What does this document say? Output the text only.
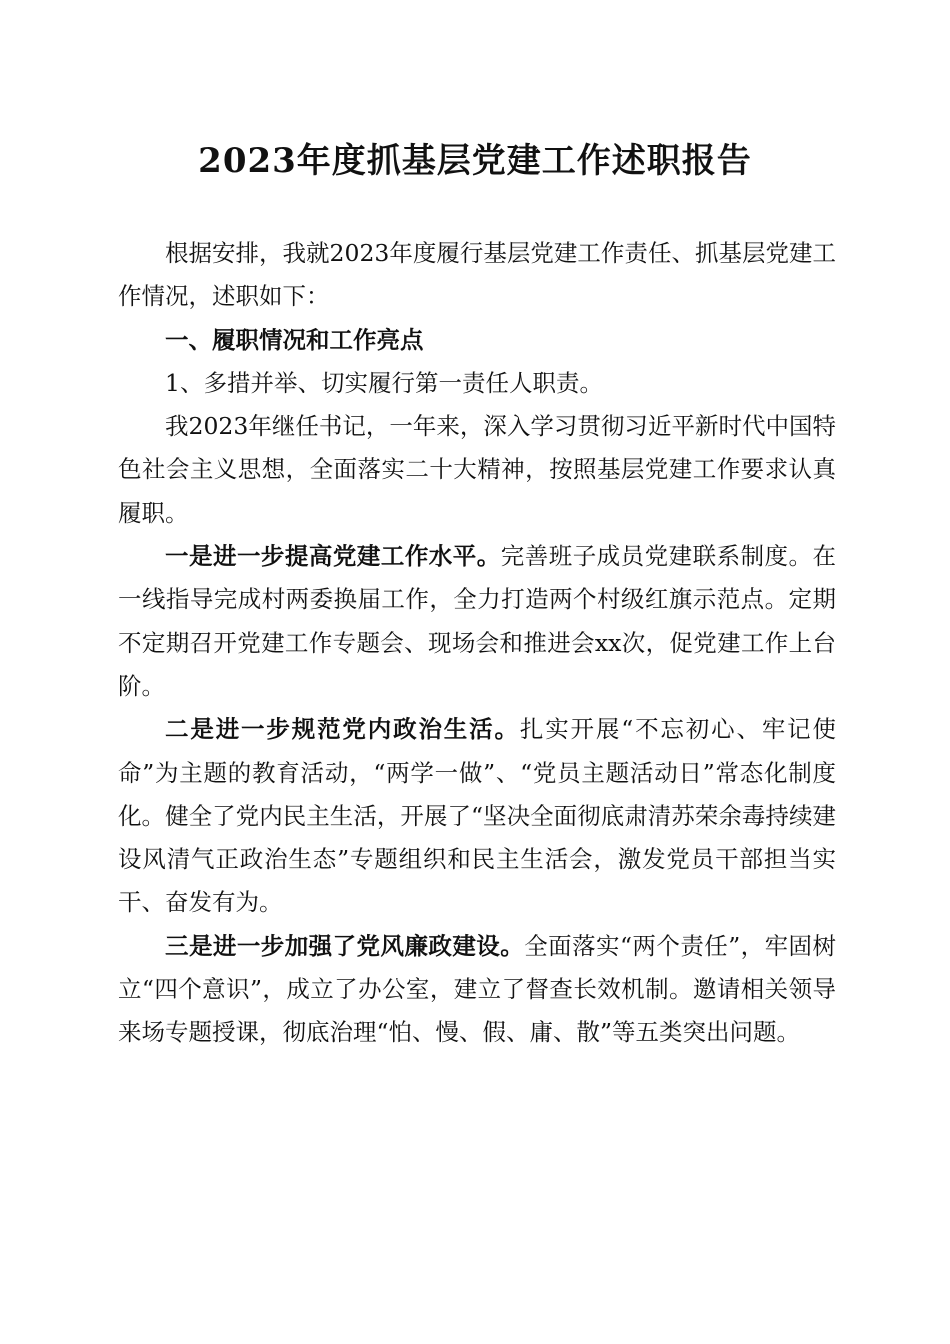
2023年度抓基层党建工作述职报告

根据安排，我就2023年度履行基层党建工作责任、抓基层党建工作情况，述职如下：

一、履职情况和工作亮点

1、多措并举、切实履行第一责任人职责。

我2023年继任书记，一年来，深入学习贯彻习近平新时代中国特色社会主义思想，全面落实二十大精神，按照基层党建工作要求认真履职。

一是进一步提高党建工作水平。完善班子成员党建联系制度。在一线指导完成村两委换届工作，全力打造两个村级红旗示范点。定期不定期召开党建工作专题会、现场会和推进会xx次，促党建工作上台阶。

二是进一步规范党内政治生活。扎实开展“不忘初心、牢记使命”为主题的教育活动，“两学一做”、“党员主题活动日”常态化制度化。健全了党内民主生活，开展了“坚决全面彻底肃清苏荣余毒持续建设风清气正政治生态”专题组织和民主生活会，激发党员干部担当实干、奋发有为。

三是进一步加强了党风廉政建设。全面落实“两个责任”，牢固树立“四个意识”，成立了办公室，建立了督查长效机制。邀请相关领导来场专题授课，彻底治理“怕、慢、假、庸、散”等五类突出问题。
